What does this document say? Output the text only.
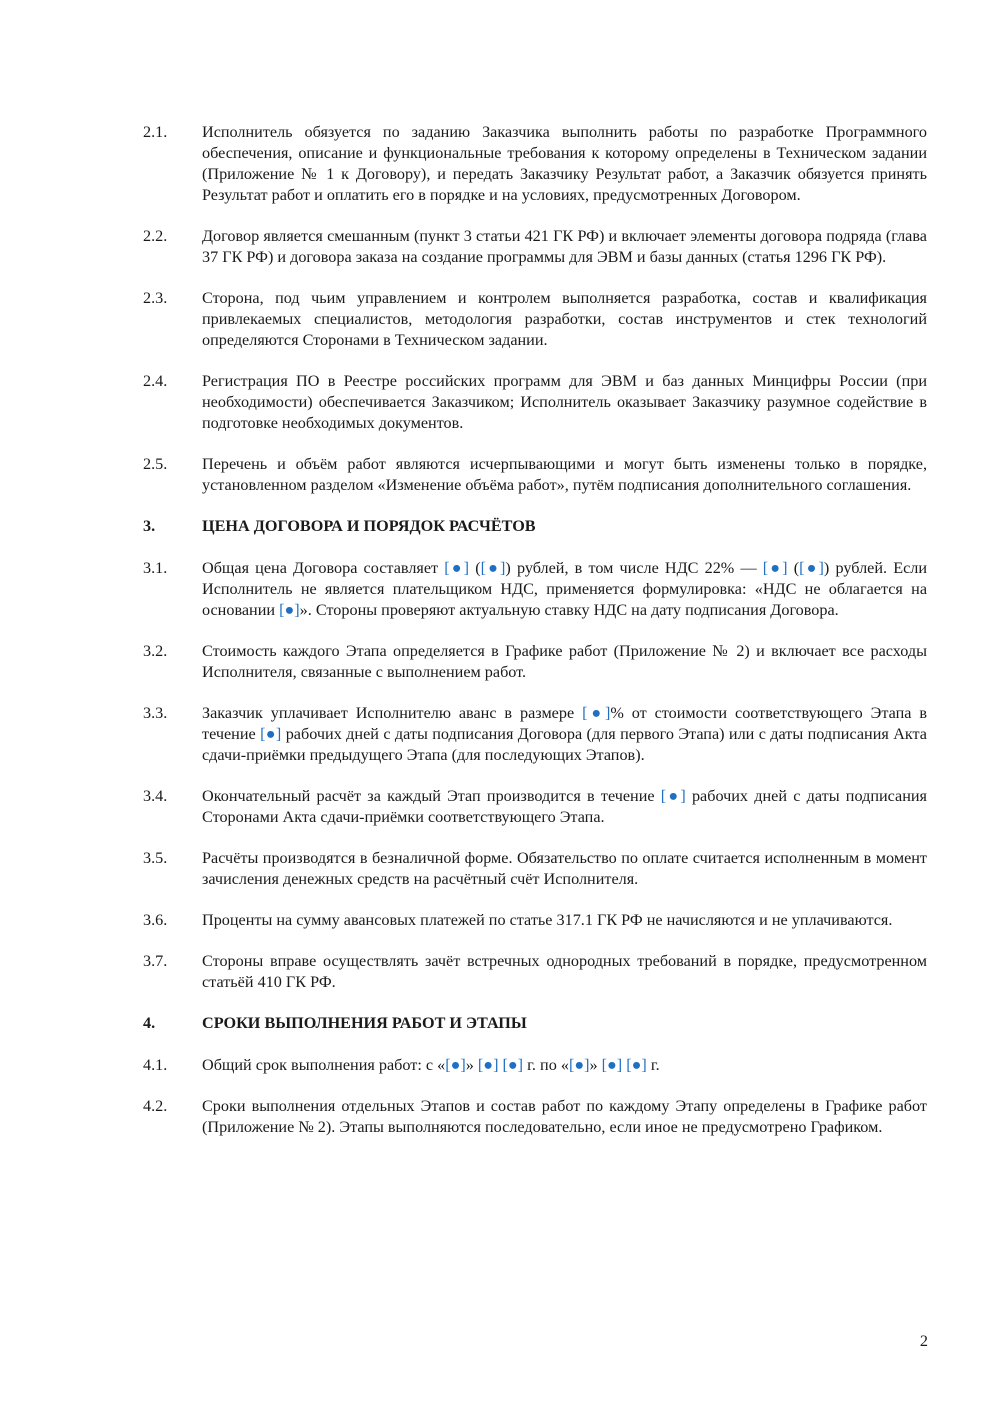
2.1.	Исполнитель обязуется по заданию Заказчика выполнить работы по разработке Программного обеспечения, описание и функциональные требования к которому определены в Техническом задании (Приложение № 1 к Договору), и передать Заказчику Результат работ, а Заказчик обязуется принять Результат работ и оплатить его в порядке и на условиях, предусмотренных Договором.
2.2.	Договор является смешанным (пункт 3 статьи 421 ГК РФ) и включает элементы договора подряда (глава 37 ГК РФ) и договора заказа на создание программы для ЭВМ и базы данных (статья 1296 ГК РФ).
2.3.	Сторона, под чьим управлением и контролем выполняется разработка, состав и квалификация привлекаемых специалистов, методология разработки, состав инструментов и стек технологий определяются Сторонами в Техническом задании.
2.4.	Регистрация ПО в Реестре российских программ для ЭВМ и баз данных Минцифры России (при необходимости) обеспечивается Заказчиком; Исполнитель оказывает Заказчику разумное содействие в подготовке необходимых документов.
2.5.	Перечень и объём работ являются исчерпывающими и могут быть изменены только в порядке, установленном разделом «Изменение объёма работ», путём подписания дополнительного соглашения.
3.	ЦЕНА ДОГОВОРА И ПОРЯДОК РАСЧЁТОВ
3.1.	Общая цена Договора составляет [●] ([●]) рублей, в том числе НДС 22% — [●] ([●]) рублей. Если Исполнитель не является плательщиком НДС, применяется формулировка: «НДС не облагается на основании [●]». Стороны проверяют актуальную ставку НДС на дату подписания Договора.
3.2.	Стоимость каждого Этапа определяется в Графике работ (Приложение № 2) и включает все расходы Исполнителя, связанные с выполнением работ.
3.3.	Заказчик уплачивает Исполнителю аванс в размере [●]% от стоимости соответствующего Этапа в течение [●] рабочих дней с даты подписания Договора (для первого Этапа) или с даты подписания Акта сдачи-приёмки предыдущего Этапа (для последующих Этапов).
3.4.	Окончательный расчёт за каждый Этап производится в течение [●] рабочих дней с даты подписания Сторонами Акта сдачи-приёмки соответствующего Этапа.
3.5.	Расчёты производятся в безналичной форме. Обязательство по оплате считается исполненным в момент зачисления денежных средств на расчётный счёт Исполнителя.
3.6.	Проценты на сумму авансовых платежей по статье 317.1 ГК РФ не начисляются и не уплачиваются.
3.7.	Стороны вправе осуществлять зачёт встречных однородных требований в порядке, предусмотренном статьёй 410 ГК РФ.
4.	СРОКИ ВЫПОЛНЕНИЯ РАБОТ И ЭТАПЫ
4.1.	Общий срок выполнения работ: с «[●]» [●] [●] г. по «[●]» [●] [●] г.
4.2.	Сроки выполнения отдельных Этапов и состав работ по каждому Этапу определены в Графике работ (Приложение № 2). Этапы выполняются последовательно, если иное не предусмотрено Графиком.
2
